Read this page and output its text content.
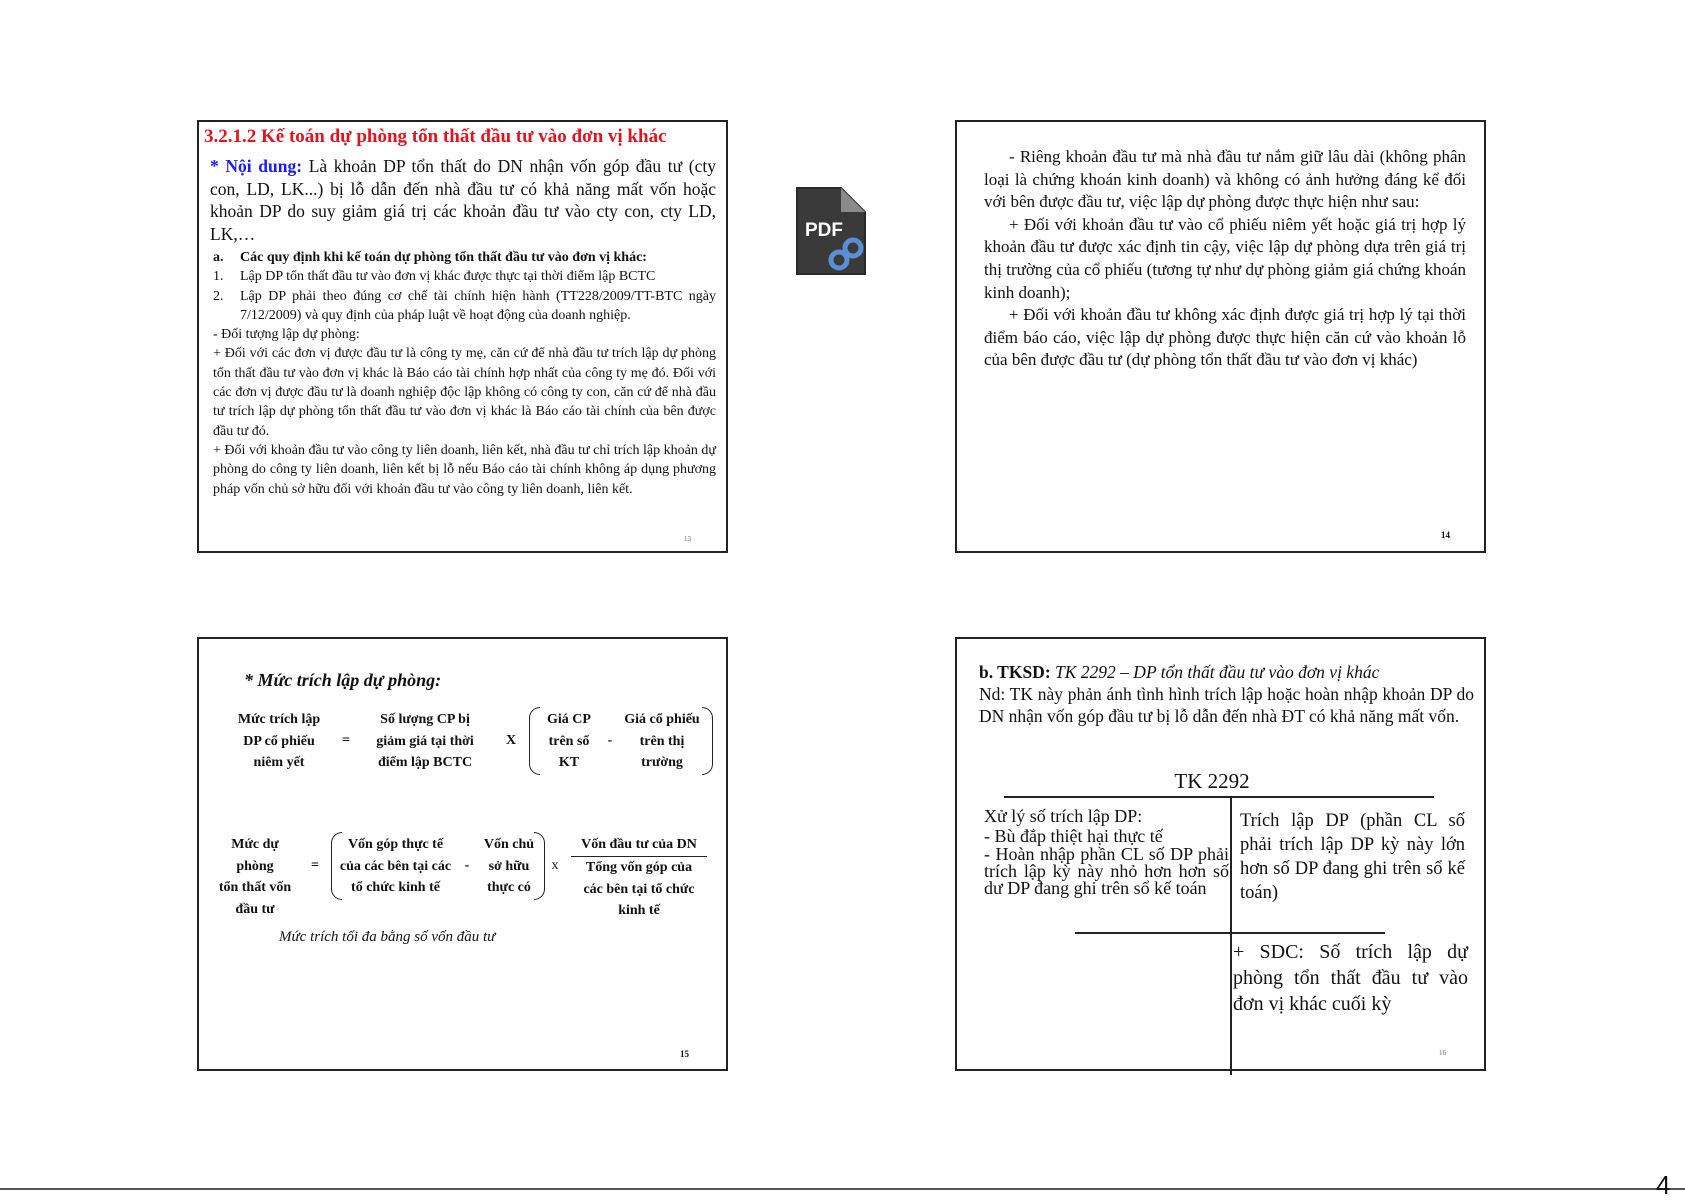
3.2.1.2 Kế toán dự phòng tổn thất đầu tư vào đơn vị khác
* Nội dung: Là khoản DP tổn thất do DN nhận vốn góp đầu tư (cty con, LD, LK...) bị lỗ dẫn đến nhà đầu tư có khả năng mất vốn hoặc khoản DP do suy giảm giá trị các khoản đầu tư vào cty con, cty LD, LK,…
a.	Các quy định khi kế toán dự phòng tổn thất đầu tư vào đơn vị khác:
1.	Lập DP tổn thất đầu tư vào đơn vị khác được thực tại thời điểm lập BCTC
2.	Lập DP phải theo đúng cơ chế tài chính hiện hành (TT228/2009/TT-BTC ngày 7/12/2009) và quy định của pháp luật về hoạt động của doanh nghiệp.
- Đối tượng lập dự phòng:
+ Đối với các đơn vị được đầu tư là công ty mẹ, căn cứ để nhà đầu tư trích lập dự phòng tổn thất đầu tư vào đơn vị khác là Báo cáo tài chính hợp nhất của công ty mẹ đó. Đối với các đơn vị được đầu tư là doanh nghiệp độc lập không có công ty con, căn cứ để nhà đầu tư trích lập dự phòng tổn thất đầu tư vào đơn vị khác là Báo cáo tài chính của bên được đầu tư đó.
+ Đối với khoản đầu tư vào công ty liên doanh, liên kết, nhà đầu tư chỉ trích lập khoản dự phòng do công ty liên doanh, liên kết bị lỗ nếu Báo cáo tài chính không áp dụng phương pháp vốn chủ sở hữu đối với khoản đầu tư vào công ty liên doanh, liên kết.
13
- Riêng khoản đầu tư mà nhà đầu tư nắm giữ lâu dài (không phân loại là chứng khoán kinh doanh) và không có ảnh hưởng đáng kể đối với bên được đầu tư, việc lập dự phòng được thực hiện như sau:
+ Đối với khoản đầu tư vào cổ phiếu niêm yết hoặc giá trị hợp lý khoản đầu tư được xác định tin cậy, việc lập dự phòng dựa trên giá trị thị trường của cổ phiếu (tương tự như dự phòng giảm giá chứng khoán kinh doanh);
+ Đối với khoản đầu tư không xác định được giá trị hợp lý tại thời điểm báo cáo, việc lập dự phòng được thực hiện căn cứ vào khoản lỗ của bên được đầu tư (dự phòng tổn thất đầu tư vào đơn vị khác)
14
* Mức trích lập dự phòng:
Mức trích lập
DP cổ phiếu
niêm yết
=
Số lượng CP bị
giảm giá tại thời
điểm lập BCTC
X
Giá CP
trên sổ
KT
-
Giá cổ phiếu
trên thị
trường
Mức dự phòng
tổn thất vốn
đầu tư
=
Vốn góp thực tế
của các bên tại các
tổ chức kinh tế
-
Vốn chủ
sở hữu
thực có
x
Vốn đầu tư của DN
Tổng vốn góp của
các bên tại tổ chức
kinh tế
Mức trích tối đa bằng số vốn đầu tư
15
b. TKSD: TK 2292 – DP tổn thất đầu tư vào đơn vị khác
Nd: TK này phản ánh tình hình trích lập hoặc hoàn nhập khoản DP do DN nhận vốn góp đầu tư bị lỗ dẫn đến nhà ĐT có khả năng mất vốn.
TK 2292
Xử lý số trích lập DP:
- Bù đắp thiệt hại thực tế
- Hoàn nhập phần CL số DP phải trích lập kỳ này nhỏ hơn hơn số dư DP đang ghi trên sổ kế toán
Trích lập DP (phần CL số phải trích lập DP kỳ này lớn hơn số DP đang ghi trên sổ kế toán)
+ SDC: Số trích lập dự phòng tổn thất đầu tư vào đơn vị khác cuối kỳ
16
PDF
4
